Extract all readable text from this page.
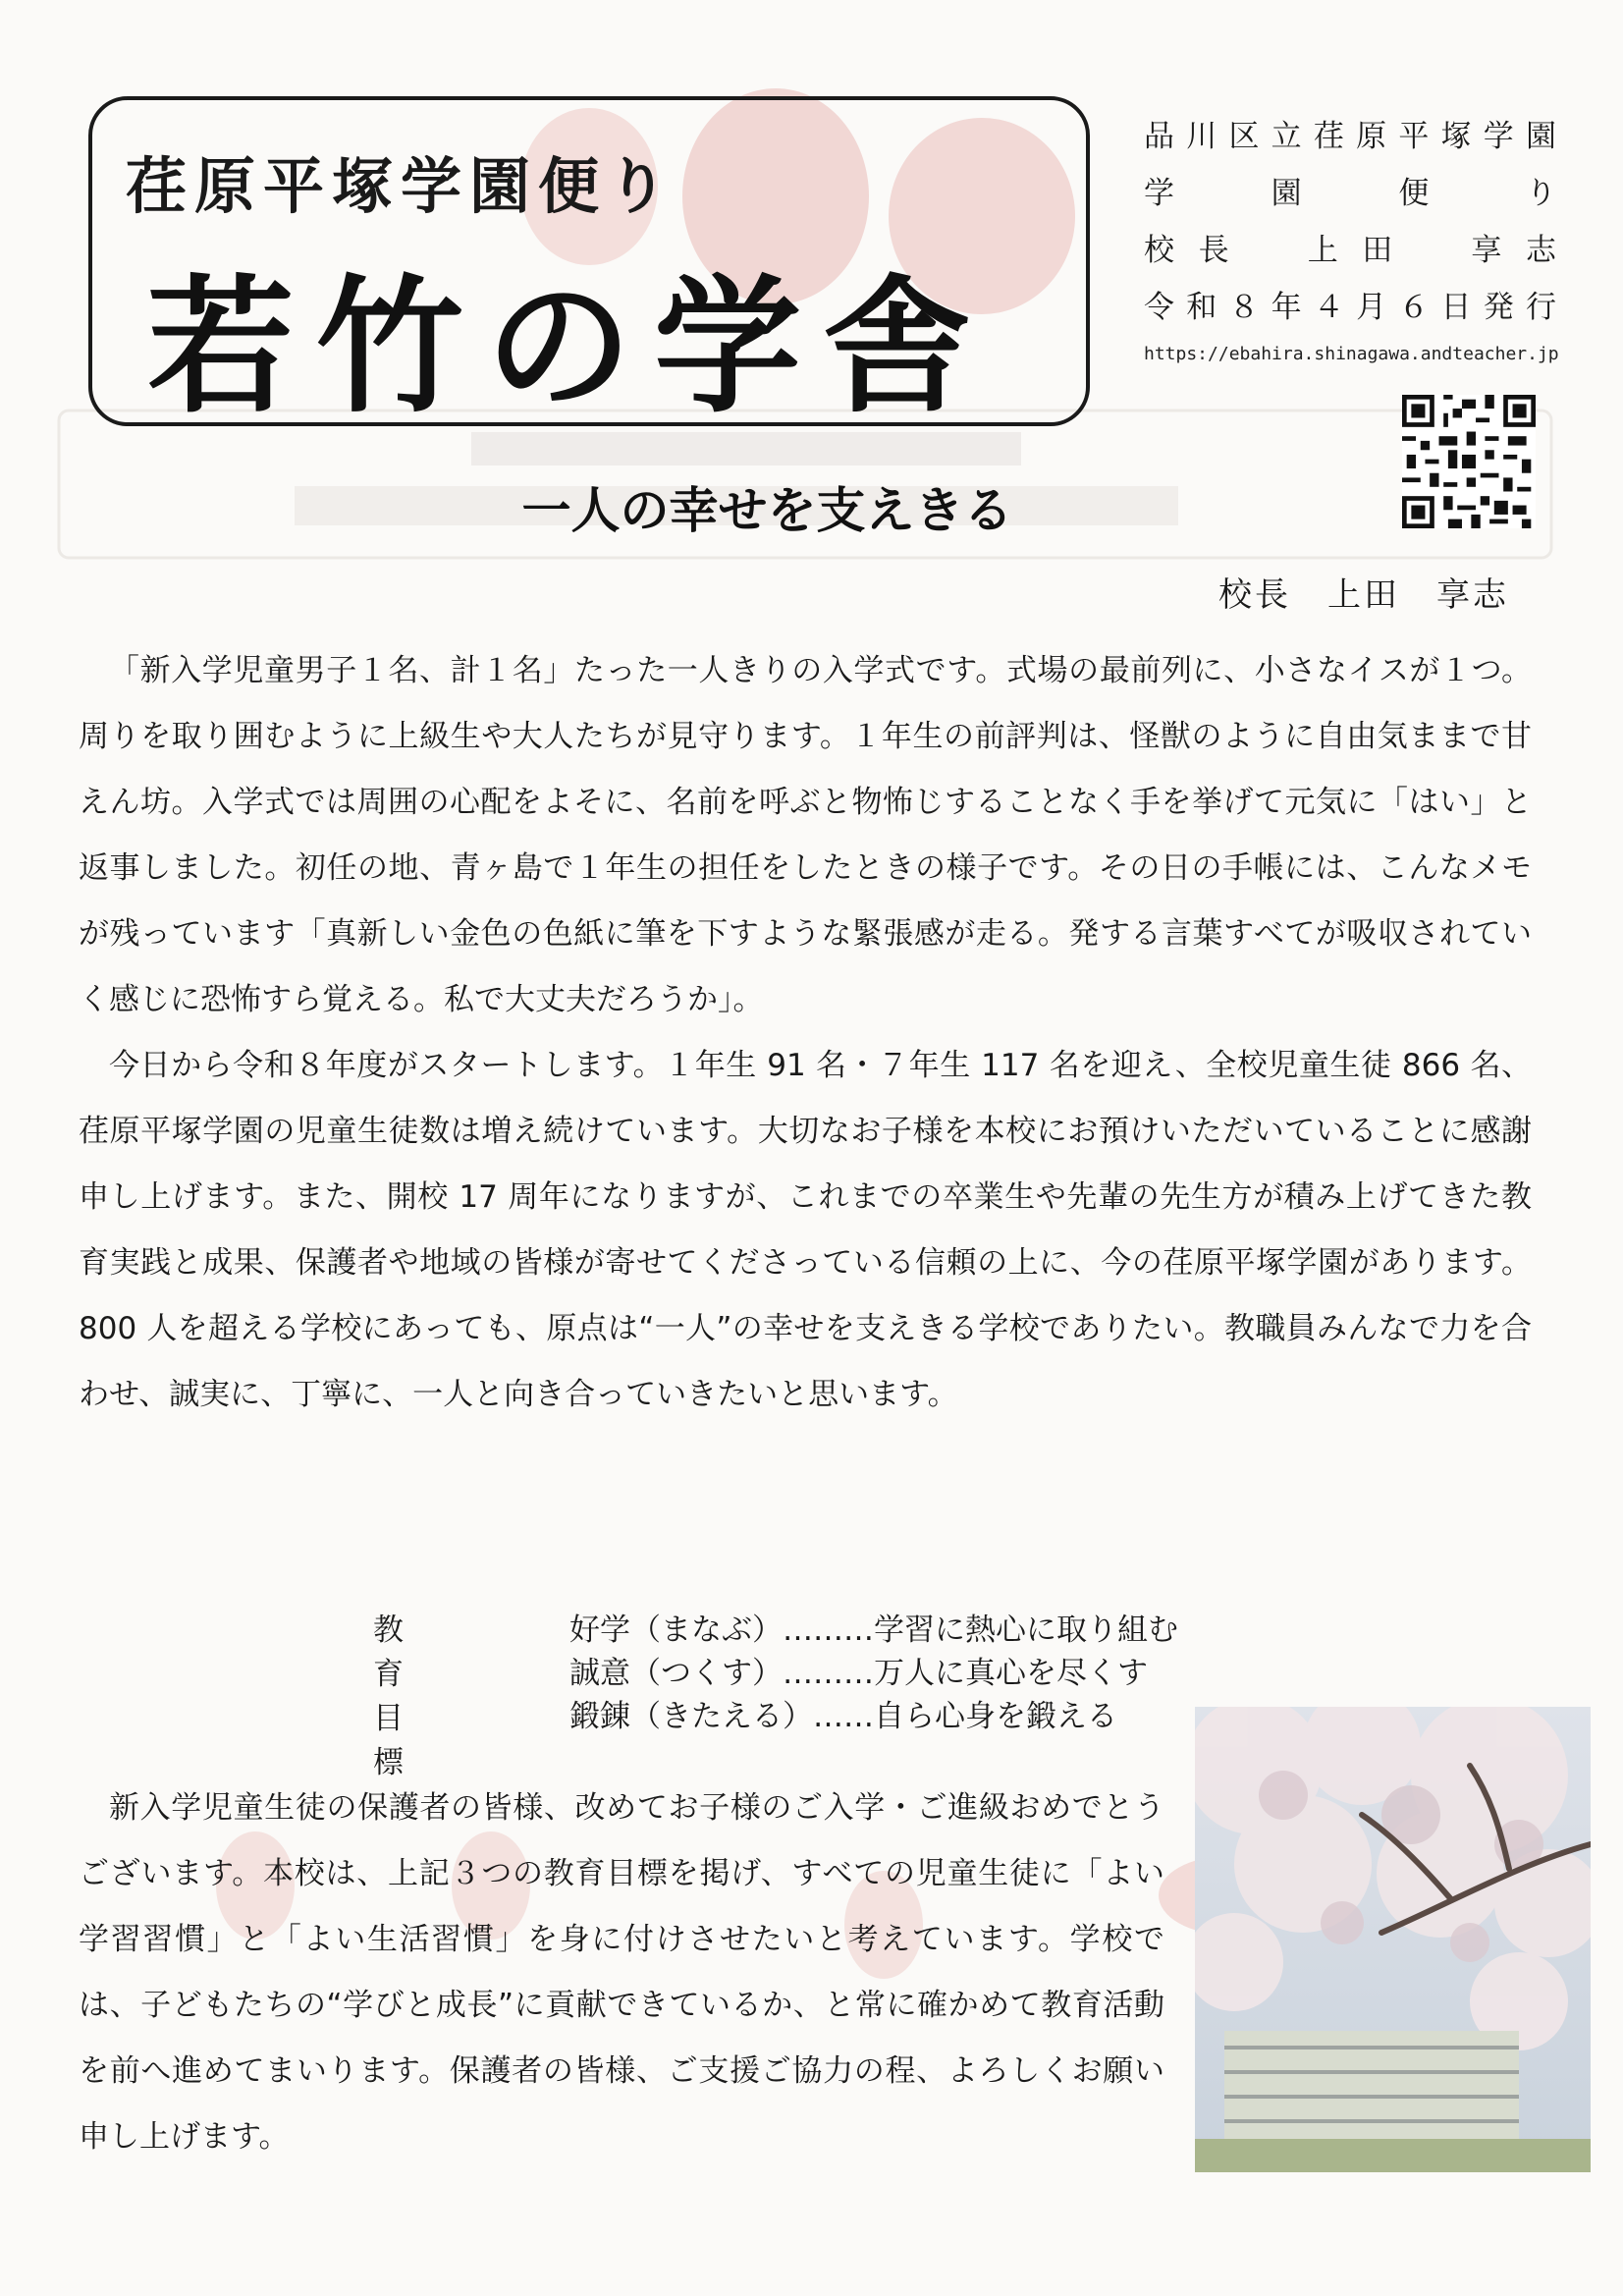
荏原平塚学園便り
若竹の学舎
品川区立荏原平塚学園
学園便り
校長　上田　享志
令和８年４月６日発行
https://ebahira.shinagawa.andteacher.jp
一人の幸せを支えきる
校長　上田　享志

「新入学児童男子１名、計１名」たった一人きりの入学式です。式場の最前列に、小さなイスが１つ。周りを取り囲むように上級生や大人たちが見守ります。１年生の前評判は、怪獣のように自由気ままで甘えん坊。入学式では周囲の心配をよそに、名前を呼ぶと物怖じすることなく手を挙げて元気に「はい」と返事しました。初任の地、青ヶ島で１年生の担任をしたときの様子です。その日の手帳には、こんなメモが残っています「真新しい金色の色紙に筆を下すような緊張感が走る。発する言葉すべてが吸収されていく感じに恐怖すら覚える。私で大丈夫だろうか」。

今日から令和８年度がスタートします。１年生 91 名・７年生 117 名を迎え、全校児童生徒 866 名、荏原平塚学園の児童生徒数は増え続けています。大切なお子様を本校にお預けいただいていることに感謝申し上げます。また、開校 17 周年になりますが、これまでの卒業生や先輩の先生方が積み上げてきた教育実践と成果、保護者や地域の皆様が寄せてくださっている信頼の上に、今の荏原平塚学園があります。800 人を超える学校にあっても、原点は“一人”の幸せを支えきる学校でありたい。教職員みんなで力を合わせ、誠実に、丁寧に、一人と向き合っていきたいと思います。

教育目標
好学（まなぶ）………学習に熱心に取り組む
誠意（つくす）………万人に真心を尽くす
鍛錬（きたえる）……自ら心身を鍛える

新入学児童生徒の保護者の皆様、改めてお子様のご入学・ご進級おめでとうございます。本校は、上記３つの教育目標を掲げ、すべての児童生徒に「よい学習習慣」と「よい生活習慣」を身に付けさせたいと考えています。学校では、子どもたちの“学びと成長”に貢献できているか、と常に確かめて教育活動を前へ進めてまいります。保護者の皆様、ご支援ご協力の程、よろしくお願い申し上げます。
